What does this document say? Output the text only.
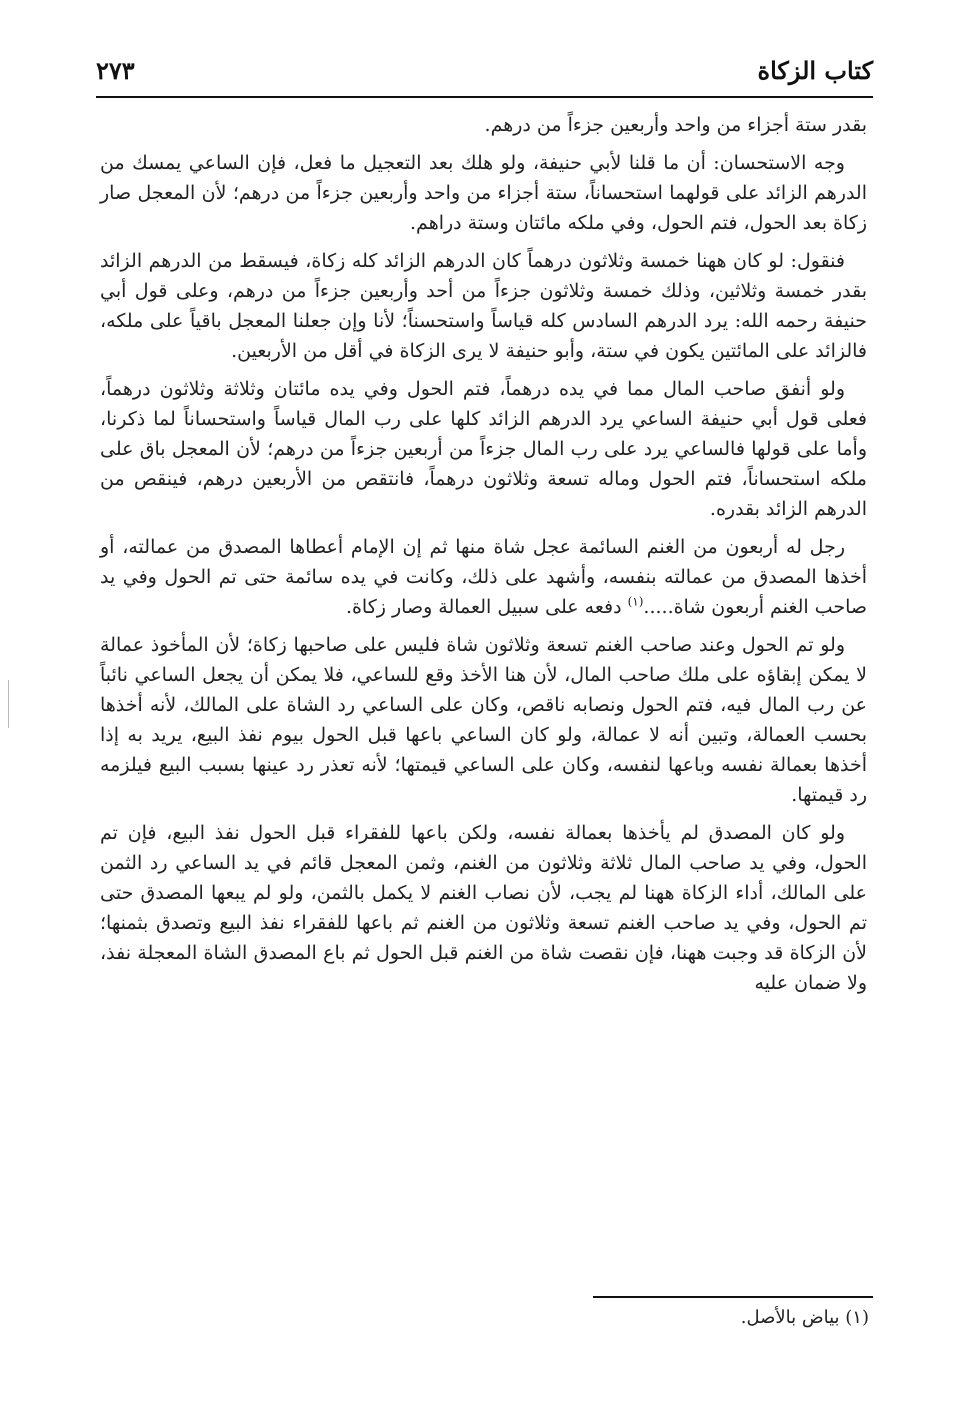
كتاب الزكاة
٢٧٣

بقدر ستة أجزاء من واحد وأربعين جزءاً من درهم.

وجه الاستحسان: أن ما قلنا لأبي حنيفة، ولو هلك بعد التعجيل ما فعل، فإن الساعي يمسك من الدرهم الزائد على قولهما استحساناً، ستة أجزاء من واحد وأربعين جزءاً من درهم؛ لأن المعجل صار زكاة بعد الحول، فتم الحول، وفي ملكه مائتان وستة دراهم.

فنقول: لو كان ههنا خمسة وثلاثون درهماً كان الدرهم الزائد كله زكاة، فيسقط من الدرهم الزائد بقدر خمسة وثلاثين، وذلك خمسة وثلاثون جزءاً من أحد وأربعين جزءاً من درهم، وعلى قول أبي حنيفة رحمه الله: يرد الدرهم السادس كله قياساً واستحسناً؛ لأنا وإن جعلنا المعجل باقياً على ملكه، فالزائد على المائتين يكون في ستة، وأبو حنيفة لا يرى الزكاة في أقل من الأربعين.

ولو أنفق صاحب المال مما في يده درهماً، فتم الحول وفي يده مائتان وثلاثة وثلاثون درهماً، فعلى قول أبي حنيفة الساعي يرد الدرهم الزائد كلها على رب المال قياساً واستحساناً لما ذكرنا، وأما على قولها فالساعي يرد على رب المال جزءاً من أربعين جزءاً من درهم؛ لأن المعجل باق على ملكه استحساناً، فتم الحول وماله تسعة وثلاثون درهماً، فانتقص من الأربعين درهم، فينقص من الدرهم الزائد بقدره.

رجل له أربعون من الغنم السائمة عجل شاة منها ثم إن الإمام أعطاها المصدق من عمالته، أو أخذها المصدق من عمالته بنفسه، وأشهد على ذلك، وكانت في يده سائمة حتى تم الحول وفي يد صاحب الغنم أربعون شاة.....$^{(١)}$ دفعه على سبيل العمالة وصار زكاة.

ولو تم الحول وعند صاحب الغنم تسعة وثلاثون شاة فليس على صاحبها زكاة؛ لأن المأخوذ عمالة لا يمكن إبقاؤه على ملك صاحب المال، لأن هنا الأخذ وقع للساعي، فلا يمكن أن يجعل الساعي نائباً عن رب المال فيه، فتم الحول ونصابه ناقص، وكان على الساعي رد الشاة على المالك، لأنه أخذها بحسب العمالة، وتبين أنه لا عمالة، ولو كان الساعي باعها قبل الحول بيوم نفذ البيع، يريد به إذا أخذها بعمالة نفسه وباعها لنفسه، وكان على الساعي قيمتها؛ لأنه تعذر رد عينها بسبب البيع فيلزمه رد قيمتها.

ولو كان المصدق لم يأخذها بعمالة نفسه، ولكن باعها للفقراء قبل الحول نفذ البيع، فإن تم الحول، وفي يد صاحب المال ثلاثة وثلاثون من الغنم، وثمن المعجل قائم في يد الساعي رد الثمن على المالك، أداء الزكاة ههنا لم يجب، لأن نصاب الغنم لا يكمل بالثمن، ولو لم يبعها المصدق حتى تم الحول، وفي يد صاحب الغنم تسعة وثلاثون من الغنم ثم باعها للفقراء نفذ البيع وتصدق بثمنها؛ لأن الزكاة قد وجبت ههنا، فإن نقصت شاة من الغنم قبل الحول ثم باع المصدق الشاة المعجلة نفذ، ولا ضمان عليه

(١) بياض بالأصل.
